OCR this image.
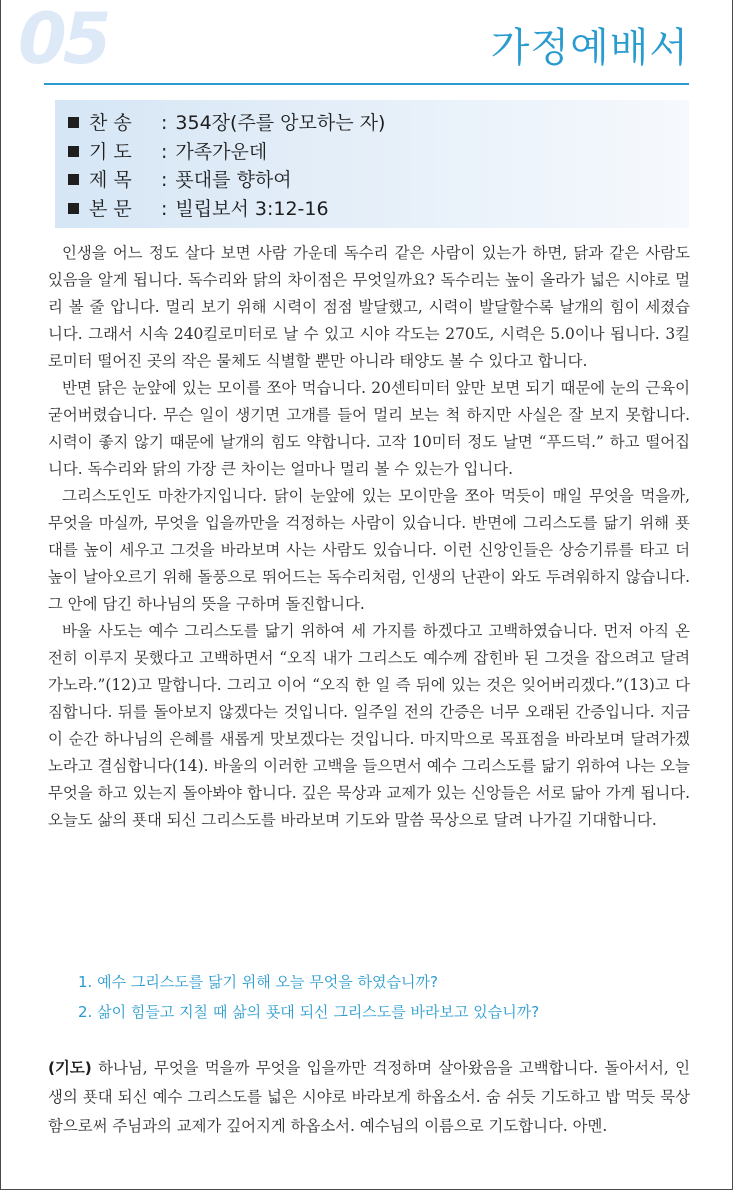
05	가정예배서
찬 송 : 354장(주를 앙모하는 자)
기 도 : 가족가운데
제 목 : 푯대를 향하여
본 문 : 빌립보서 3:12-16

인생을 어느 정도 살다 보면 사람 가운데 독수리 같은 사람이 있는가 하면, 닭과 같은 사람도 있음을 알게 됩니다. 독수리와 닭의 차이점은 무엇일까요? 독수리는 높이 올라가 넓은 시야로 멀리 볼 줄 압니다. 멀리 보기 위해 시력이 점점 발달했고, 시력이 발달할수록 날개의 힘이 세졌습니다. 그래서 시속 240킬로미터로 날 수 있고 시야 각도는 270도, 시력은 5.0이나 됩니다. 3킬로미터 떨어진 곳의 작은 물체도 식별할 뿐만 아니라 태양도 볼 수 있다고 합니다.

반면 닭은 눈앞에 있는 모이를 쪼아 먹습니다. 20센티미터 앞만 보면 되기 때문에 눈의 근육이 굳어버렸습니다. 무슨 일이 생기면 고개를 들어 멀리 보는 척 하지만 사실은 잘 보지 못합니다. 시력이 좋지 않기 때문에 날개의 힘도 약합니다. 고작 10미터 정도 날면 “푸드덕.” 하고 떨어집니다. 독수리와 닭의 가장 큰 차이는 얼마나 멀리 볼 수 있는가 입니다.

그리스도인도 마찬가지입니다. 닭이 눈앞에 있는 모이만을 쪼아 먹듯이 매일 무엇을 먹을까, 무엇을 마실까, 무엇을 입을까만을 걱정하는 사람이 있습니다. 반면에 그리스도를 닮기 위해 푯대를 높이 세우고 그것을 바라보며 사는 사람도 있습니다. 이런 신앙인들은 상승기류를 타고 더 높이 날아오르기 위해 돌풍으로 뛰어드는 독수리처럼, 인생의 난관이 와도 두려워하지 않습니다. 그 안에 담긴 하나님의 뜻을 구하며 돌진합니다.

바울 사도는 예수 그리스도를 닮기 위하여 세 가지를 하겠다고 고백하였습니다. 먼저 아직 온전히 이루지 못했다고 고백하면서 “오직 내가 그리스도 예수께 잡힌바 된 그것을 잡으려고 달려가노라.”(12)고 말합니다. 그리고 이어 “오직 한 일 즉 뒤에 있는 것은 잊어버리겠다.”(13)고 다짐합니다. 뒤를 돌아보지 않겠다는 것입니다. 일주일 전의 간증은 너무 오래된 간증입니다. 지금 이 순간 하나님의 은혜를 새롭게 맛보겠다는 것입니다. 마지막으로 목표점을 바라보며 달려가겠노라고 결심합니다(14). 바울의 이러한 고백을 들으면서 예수 그리스도를 닮기 위하여 나는 오늘 무엇을 하고 있는지 돌아봐야 합니다. 깊은 묵상과 교제가 있는 신앙들은 서로 닮아 가게 됩니다. 오늘도 삶의 푯대 되신 그리스도를 바라보며 기도와 말씀 묵상으로 달려 나가길 기대합니다.

1. 예수 그리스도를 닮기 위해 오늘 무엇을 하였습니까?
2. 삶이 힘들고 지칠 때 삶의 푯대 되신 그리스도를 바라보고 있습니까?
(기도) 하나님, 무엇을 먹을까 무엇을 입을까만 걱정하며 살아왔음을 고백합니다. 돌아서서, 인생의 푯대 되신 예수 그리스도를 넓은 시야로 바라보게 하옵소서. 숨 쉬듯 기도하고 밥 먹듯 묵상함으로써 주님과의 교제가 깊어지게 하옵소서. 예수님의 이름으로 기도합니다. 아멘.
